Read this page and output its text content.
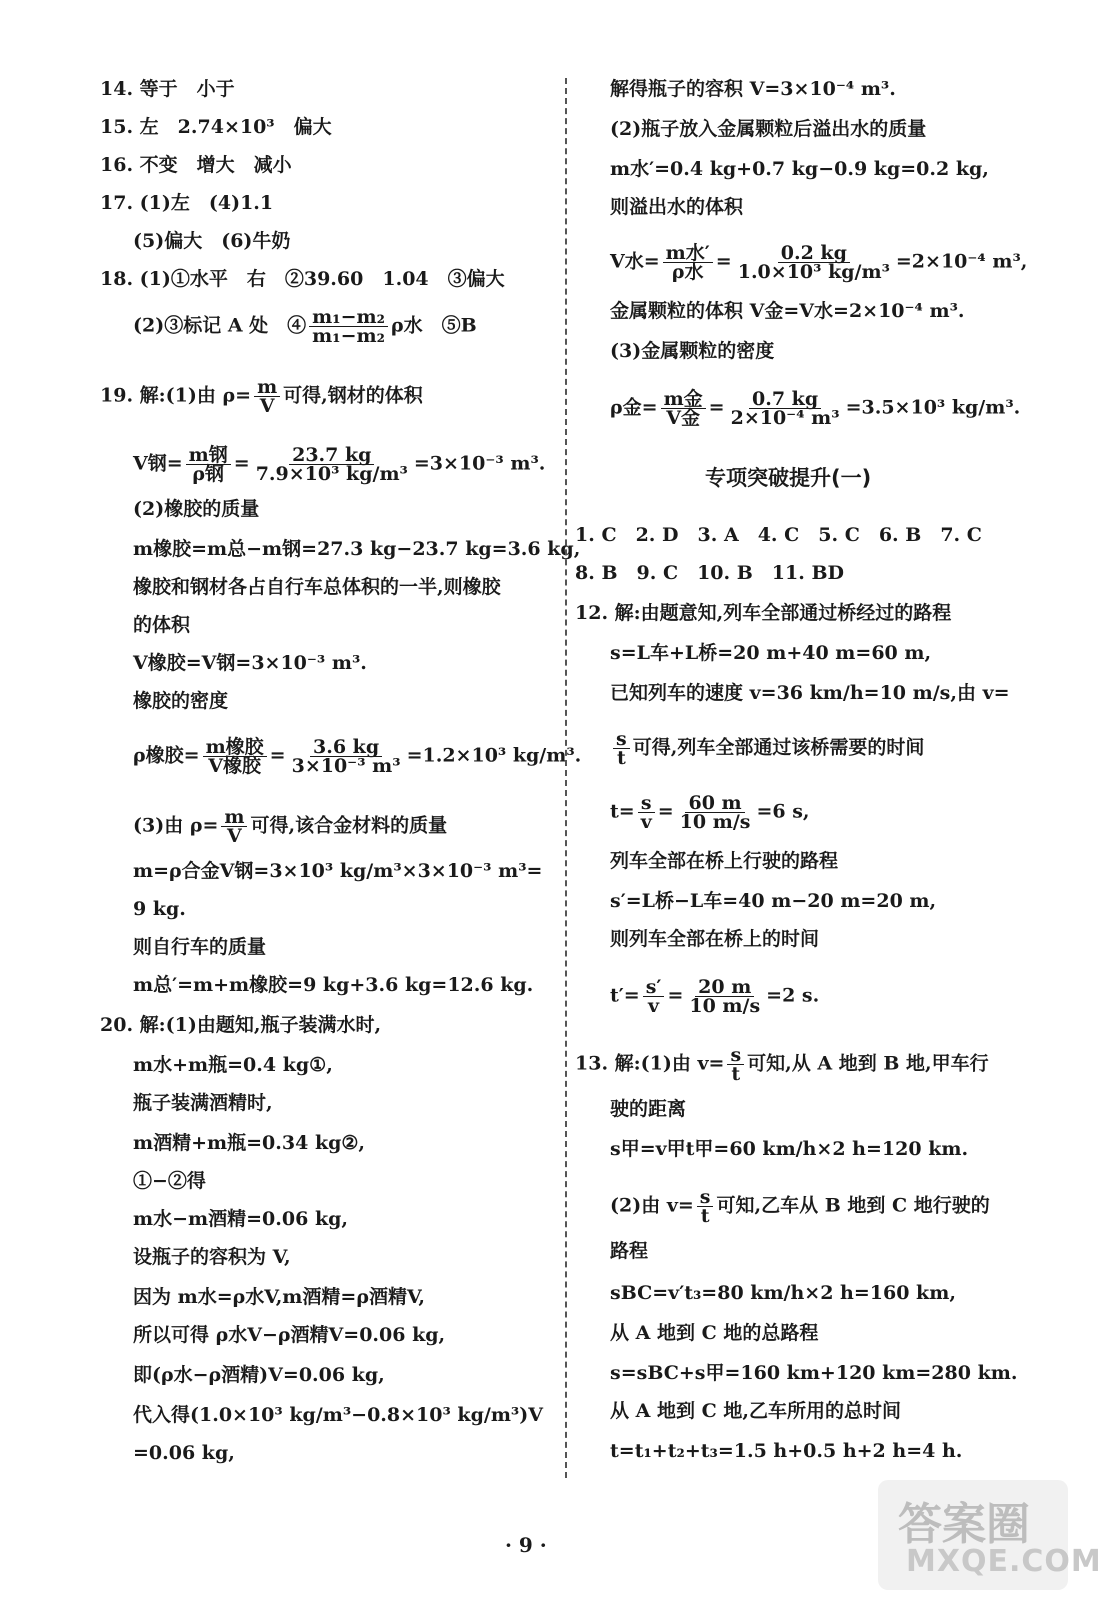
14. 等于　小于
15. 左　2.74×10³　偏大
16. 不变　增大　减小
17. (1)左　(4)1.1
(5)偏大　(6)牛奶
18. (1)①水平　右　②39.60　1.04　③偏大
(2)③标记 A 处　④ $\frac{\text{m₁−m₂}}{\text{m₁−m₂}}$ ρ水　⑤B
19. 解:(1)由 $\rho= \frac{m}{V}$ 可得,钢材的体积
V钢= $\frac{\text{m钢}}{\text{ρ钢}} = \frac{23.7 kg}{\text{7.9×10³ kg/m³}} =3\times 10^{-3}$ m³.
(2)橡胶的质量
m橡胶=m总−m钢=27.3 kg−23.7 kg=3.6 kg,
橡胶和钢材各占自行车总体积的一半,则橡胶
的体积
V橡胶=V钢=3×10⁻³ m³.
橡胶的密度
ρ橡胶= $\frac{\text{m橡胶}}{\text{V橡胶}} = \frac{3.6 kg}{\text{3×10⁻³ m³}} =1.2\times 10^3$ kg/m³.
(3)由 $\rho= \frac{m}{V}$ 可得,该合金材料的质量
m=ρ合金V钢=3×10³ kg/m³×3×10⁻³ m³=
9 kg.
则自行车的质量
m总′=m+m橡胶=9 kg+3.6 kg=12.6 kg.
20. 解:(1)由题知,瓶子装满水时,
m水+m瓶=0.4 kg①,
瓶子装满酒精时,
m酒精+m瓶=0.34 kg②,
①−②得
m水−m酒精=0.06 kg,
设瓶子的容积为 V,
因为 m水=ρ水V,m酒精=ρ酒精V,
所以可得 ρ水V−ρ酒精V=0.06 kg,
即(ρ水−ρ酒精)V=0.06 kg,
代入得(1.0×10³ kg/m³−0.8×10³ kg/m³)V
=0.06 kg,
解得瓶子的容积 V=3×10⁻⁴ m³.
(2)瓶子放入金属颗粒后溢出水的质量
m水′=0.4 kg+0.7 kg−0.9 kg=0.2 kg,
则溢出水的体积
V水= $\frac{\text{m水′}}{\text{ρ水}} = \frac{0.2 kg}{\text{1.0×10³ kg/m³}} =2\times 10^{-4}$ m³,
金属颗粒的体积 V金=V水=2×10⁻⁴ m³.
(3)金属颗粒的密度
ρ金= $\frac{\text{m金}}{\text{V金}} = \frac{0.7 kg}{\text{2×10⁻⁴ m³}} =3.5\times 10^3$ kg/m³.
1. C　2. D　3. A　4. C　5. C　6. B　7. C
8. B　9. C　10. B　11. BD
12. 解:由题意知,列车全部通过桥经过的路程
s=L车+L桥=20 m+40 m=60 m,
已知列车的速度 v=36 km/h=10 m/s,由 v=
$\frac{s}{t}$ 可得,列车全部通过该桥需要的时间
$t= \frac{s}{v} = \frac{60 m}{10 m/s} =6$ s,
列车全部在桥上行驶的路程
s′=L桥−L车=40 m−20 m=20 m,
则列车全部在桥上的时间
$t'= \frac{s'}{v} = \frac{20 m}{10 m/s} =2$ s.
13. 解:(1)由 $v= \frac{s}{t}$ 可知,从 A 地到 B 地,甲车行
驶的距离
s甲=v甲t甲=60 km/h×2 h=120 km.
(2)由 $v= \frac{s}{t}$ 可知,乙车从 B 地到 C 地行驶的
路程
sBC=v′t₃=80 km/h×2 h=160 km,
从 A 地到 C 地的总路程
s=sBC+s甲=160 km+120 km=280 km.
从 A 地到 C 地,乙车所用的总时间
t=t₁+t₂+t₃=1.5 h+0.5 h+2 h=4 h.
专项突破提升(一)
· 9 ·	答案圈
MXQE.COM
